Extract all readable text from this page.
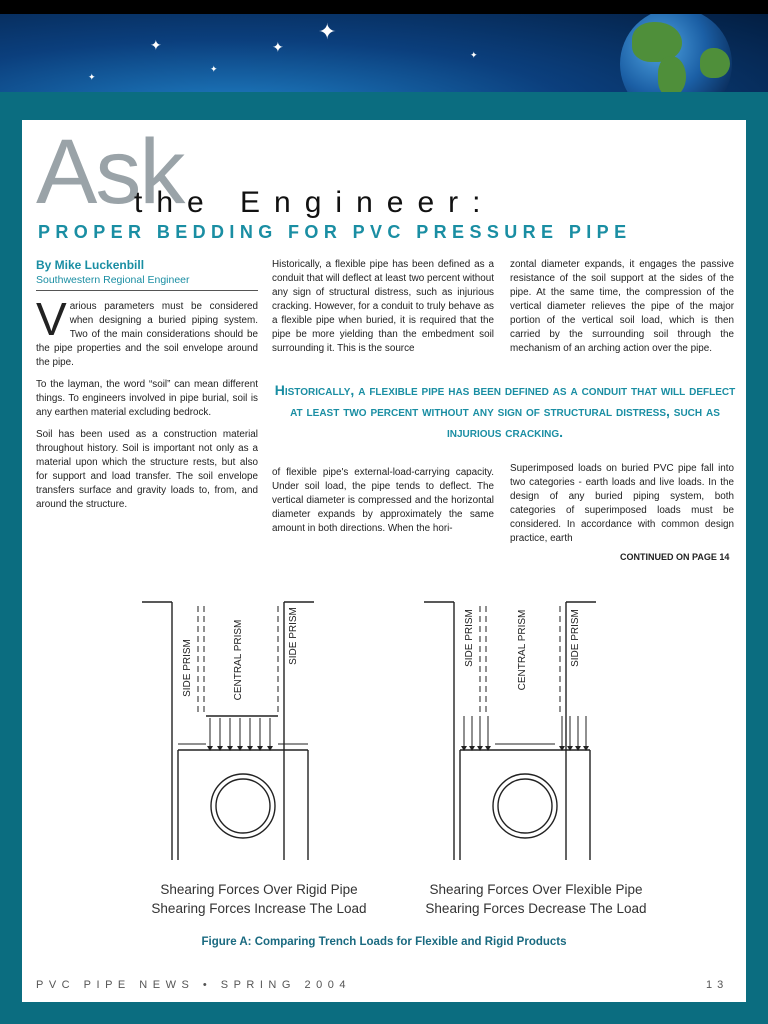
✦	✦
✦
✦
✦
✦
Ask
the Engineer:
PROPER BEDDING FOR PVC PRESSURE PIPE
By Mike Luckenbill
Southwestern Regional Engineer

Various parameters must be considered when designing a buried piping system. Two of the main considerations should be the pipe properties and the soil envelope around the pipe.

To the layman, the word “soil” can mean different things. To engineers involved in pipe burial, soil is any earthen material excluding bedrock.

Soil has been used as a construction material throughout history. Soil is important not only as a material upon which the structure rests, but also for support and load transfer. The soil envelope transfers surface and gravity loads to, from, and around the structure.

Historically, a flexible pipe has been defined as a conduit that will deflect at least two percent without any sign of structural distress, such as injurious cracking. However, for a conduit to truly behave as a flexible pipe when buried, it is required that the pipe be more yielding than the embedment soil surrounding it. This is the source
zontal diameter expands, it engages the passive resistance of the soil support at the sides of the pipe. At the same time, the compression of the vertical diameter relieves the pipe of the major portion of the vertical soil load, which is then carried by the surrounding soil through the mechanism of an arching action over the pipe.
Historically, a flexible pipe has been defined as a conduit that will deflect at least two percent without any sign of structural distress, such as injurious cracking.
of flexible pipe's external-load-carrying capacity. Under soil load, the pipe tends to deflect. The vertical diameter is compressed and the horizontal diameter expands by approximately the same amount in both directions. When the hori-
Superimposed loads on buried PVC pipe fall into two categories - earth loads and live loads. In the design of any buried piping system, both categories of superimposed loads must be considered. In accordance with common design practice, earth
CONTINUED ON PAGE 14
SIDE PRISM	CENTRAL PRISM	SIDE PRISM	SIDE PRISM	CENTRAL PRISM	SIDE PRISM
Shearing Forces Over Rigid Pipe
Shearing Forces Increase The Load
Shearing Forces Over Flexible Pipe
Shearing Forces Decrease The Load
Figure A: Comparing Trench Loads for Flexible and Rigid Products
PVC PIPE NEWS • SPRING 2004	13
